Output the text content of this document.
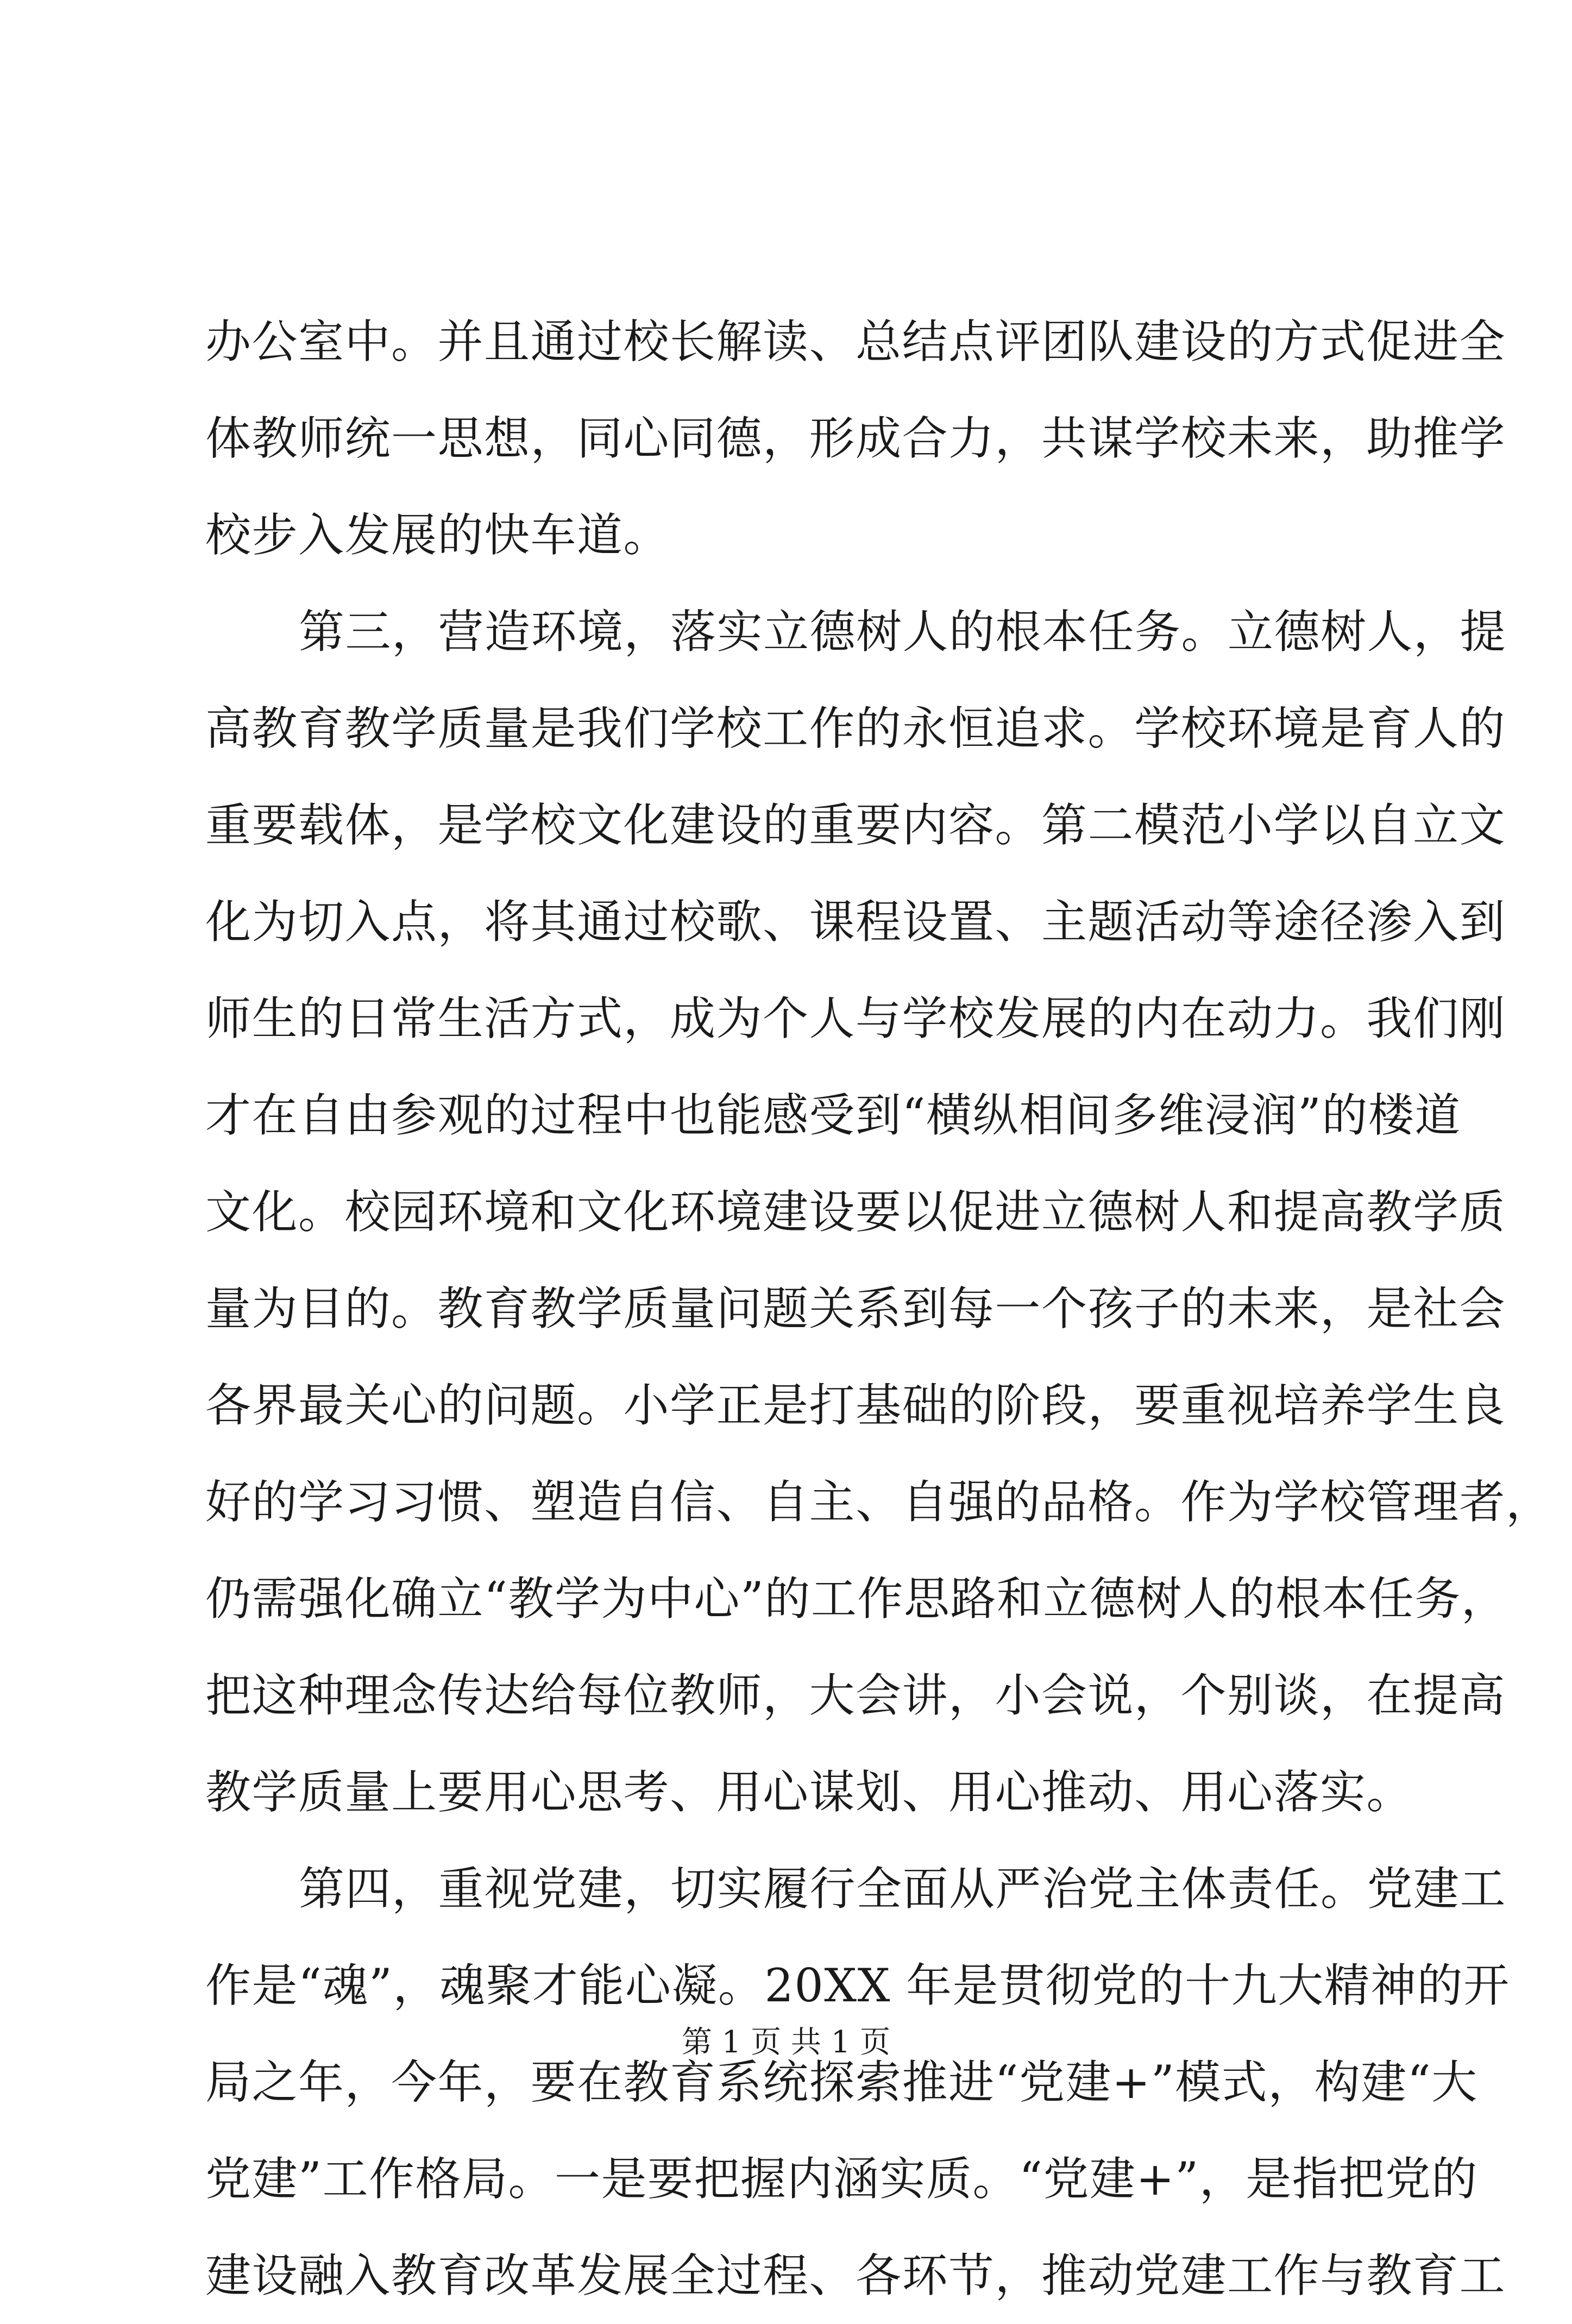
办公室中。并且通过校长解读、总结点评团队建设的方式促进全
体教师统一思想，同心同德，形成合力，共谋学校未来，助推学
校步入发展的快车道。
第三，营造环境，落实立德树人的根本任务。立德树人，提
高教育教学质量是我们学校工作的永恒追求。学校环境是育人的
重要载体，是学校文化建设的重要内容。第二模范小学以自立文
化为切入点，将其通过校歌、课程设置、主题活动等途径渗入到
师生的日常生活方式，成为个人与学校发展的内在动力。我们刚
才在自由参观的过程中也能感受到“横纵相间多维浸润”的楼道
文化。校园环境和文化环境建设要以促进立德树人和提高教学质
量为目的。教育教学质量问题关系到每一个孩子的未来，是社会
各界最关心的问题。小学正是打基础的阶段，要重视培养学生良
好的学习习惯、塑造自信、自主、自强的品格。作为学校管理者，
仍需强化确立“教学为中心”的工作思路和立德树人的根本任务，
把这种理念传达给每位教师，大会讲，小会说，个别谈，在提高
教学质量上要用心思考、用心谋划、用心推动、用心落实。
第四，重视党建，切实履行全面从严治党主体责任。党建工
作是“魂”，魂聚才能心凝。20XX 年是贯彻党的十九大精神的开
局之年，今年，要在教育系统探索推进“党建+”模式，构建“大
党建”工作格局。一是要把握内涵实质。“党建+”，是指把党的
建设融入教育改革发展全过程、各环节，推动党建工作与教育工
第 1 页 共 1 页
